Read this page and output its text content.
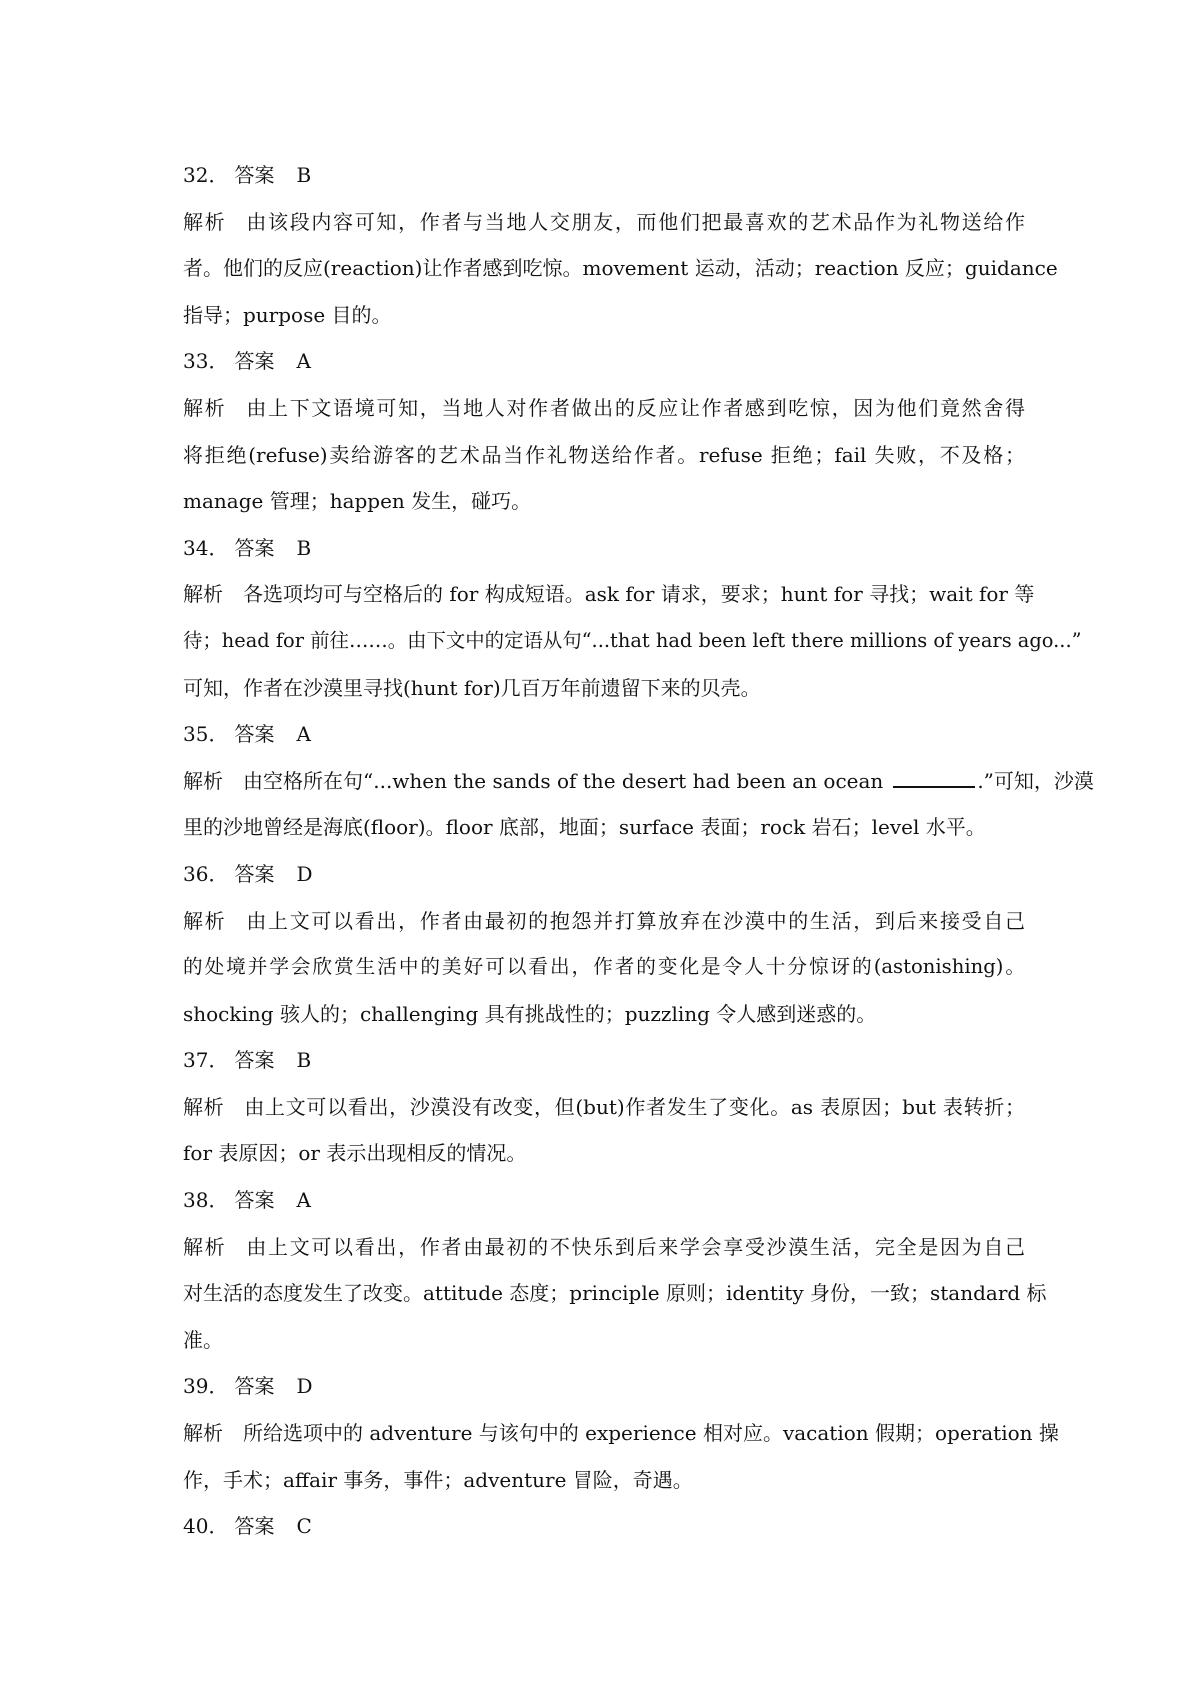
32． 答案 B
解析 由该段内容可知，作者与当地人交朋友，而他们把最喜欢的艺术品作为礼物送给作
者。他们的反应(reaction)让作者感到吃惊。movement 运动，活动；reaction 反应；guidance
指导；purpose 目的。
33． 答案 A
解析 由上下文语境可知，当地人对作者做出的反应让作者感到吃惊，因为他们竟然舍得
将拒绝(refuse)卖给游客的艺术品当作礼物送给作者。refuse 拒绝；fail 失败，不及格；
manage 管理；happen 发生，碰巧。
34． 答案 B
解析 各选项均可与空格后的 for 构成短语。ask for 请求，要求；hunt for 寻找；wait for 等
待；head for 前往……。由下文中的定语从句“...that had been left there millions of years ago...”
可知，作者在沙漠里寻找(hunt for)几百万年前遗留下来的贝壳。
35． 答案 A
解析 由空格所在句“...when the sands of the desert had been an ocean	.”可知，沙漠
里的沙地曾经是海底(floor)。floor 底部，地面；surface 表面；rock 岩石；level 水平。
36． 答案 D
解析 由上文可以看出，作者由最初的抱怨并打算放弃在沙漠中的生活，到后来接受自己
的处境并学会欣赏生活中的美好可以看出，作者的变化是令人十分惊讶的(astonishing)。
shocking 骇人的；challenging 具有挑战性的；puzzling 令人感到迷惑的。
37． 答案 B
解析 由上文可以看出，沙漠没有改变，但(but)作者发生了变化。as 表原因；but 表转折；
for 表原因；or 表示出现相反的情况。
38． 答案 A
解析 由上文可以看出，作者由最初的不快乐到后来学会享受沙漠生活，完全是因为自己
对生活的态度发生了改变。attitude 态度；principle 原则；identity 身份，一致；standard 标
准。
39． 答案 D
解析 所给选项中的 adventure 与该句中的 experience 相对应。vacation 假期；operation 操
作，手术；affair 事务，事件；adventure 冒险，奇遇。
40． 答案 C
